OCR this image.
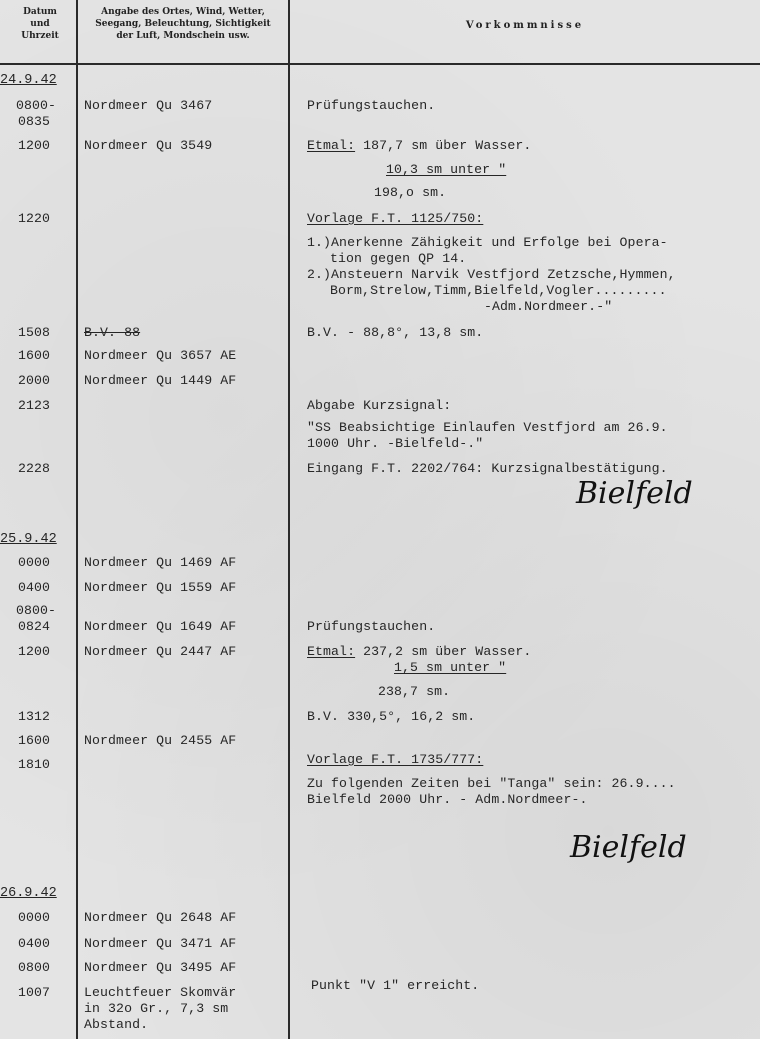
Datum
und
Uhrzeit
Angabe des Ortes, Wind, Wetter,
Seegang, Beleuchtung, Sichtigkeit
der Luft, Mondschein usw.
Vorkommnisse
24.9.42
25.9.42
26.9.42
0800-
0835
1200
1220
1508
1600
2000
2123
2228
0000
0400
0800-
0824
1200
1312
1600
1810
0000
0400
0800
1007
Nordmeer Qu 3467
Nordmeer Qu 3549
B.V.-88
Nordmeer Qu 3657 AE
Nordmeer Qu 1449 AF
Nordmeer Qu 1469 AF
Nordmeer Qu 1559 AF
Nordmeer Qu 1649 AF
Nordmeer Qu 2447 AF
Nordmeer Qu 2455 AF
Nordmeer Qu 2648 AF
Nordmeer Qu 3471 AF
Nordmeer Qu 3495 AF
Leuchtfeuer Skomvär
in 32o Gr., 7,3 sm
Abstand.
Prüfungstauchen.
Etmal: 187,7 sm über Wasser.
10,3 sm unter "
198,o sm.
Vorlage F.T. 1125/750:
1.)Anerkenne Zähigkeit und Erfolge bei Opera-
tion gegen QP 14.
2.)Ansteuern Narvik Vestfjord Zetzsche,Hymmen,
Borm,Strelow,Timm,Bielfeld,Vogler.........
-Adm.Nordmeer.-"
B.V. - 88,8°, 13,8 sm.
Abgabe Kurzsignal:
"SS Beabsichtige Einlaufen Vestfjord am 26.9.
1000 Uhr. -Bielfeld-."
Eingang F.T. 2202/764: Kurzsignalbestätigung.
Bielfeld
Prüfungstauchen.
Etmal: 237,2 sm über Wasser.
1,5 sm unter "
238,7 sm.
B.V. 330,5°, 16,2 sm.
Vorlage F.T. 1735/777:
Zu folgenden Zeiten bei "Tanga" sein: 26.9....
Bielfeld 2000 Uhr. - Adm.Nordmeer-.
Bielfeld
Punkt "V 1" erreicht.
